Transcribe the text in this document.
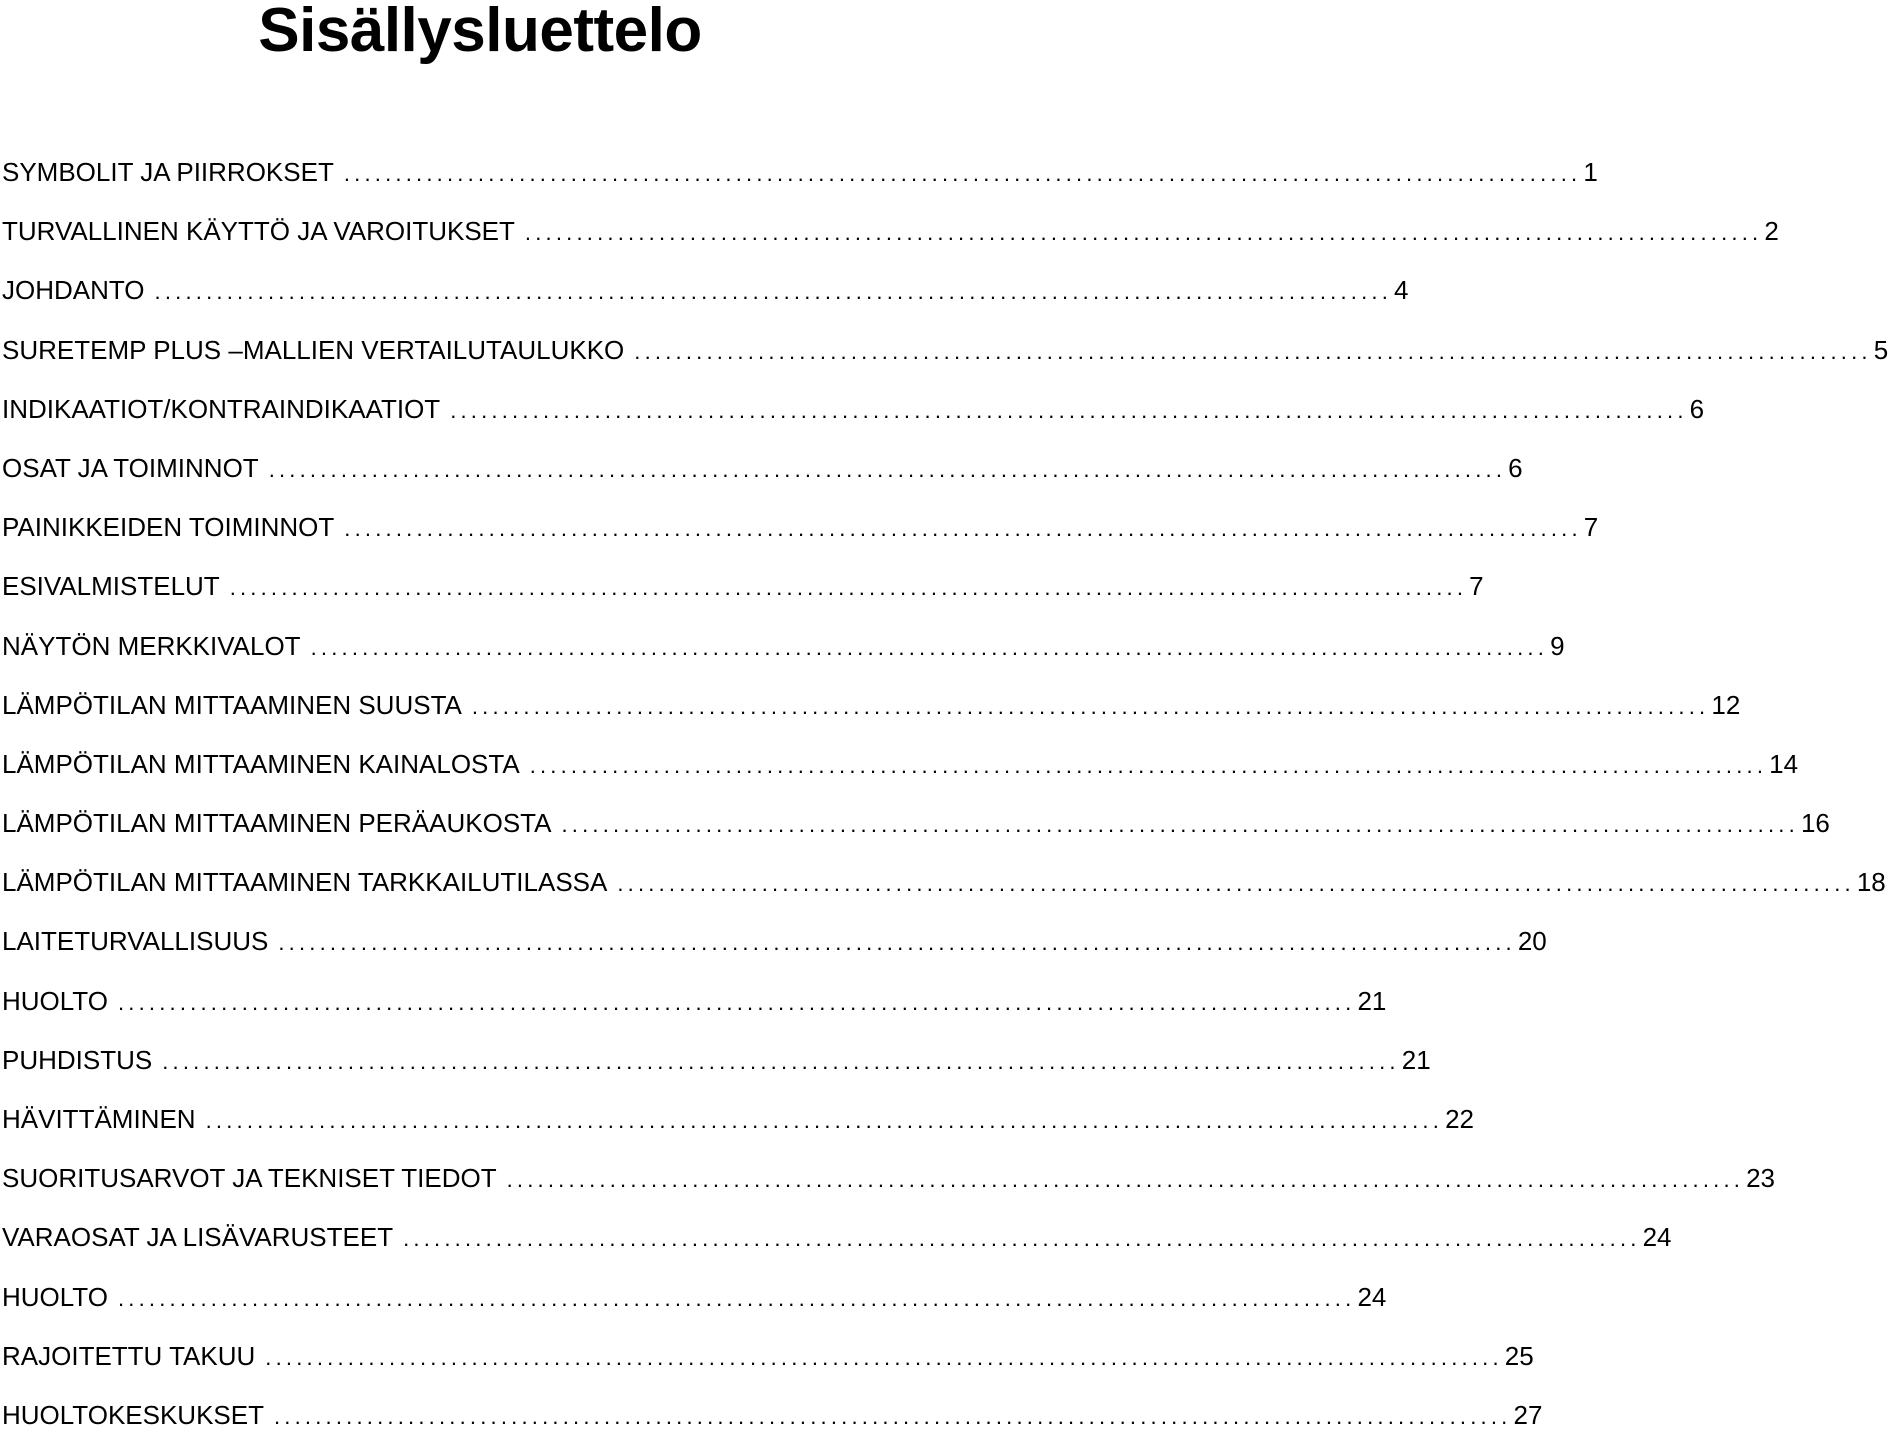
Sisällysluettelo
SYMBOLIT JA PIIRROKSET ........................................................................................................................ 1
TURVALLINEN KÄYTTÖ JA VAROITUKSET ........................................................................................................................ 2
JOHDANTO ........................................................................................................................ 4
SURETEMP PLUS –MALLIEN VERTAILUTAULUKKO ........................................................................................................................ 5
INDIKAATIOT/KONTRAINDIKAATIOT ........................................................................................................................ 6
OSAT JA TOIMINNOT ........................................................................................................................ 6
PAINIKKEIDEN TOIMINNOT ........................................................................................................................ 7
ESIVALMISTELUT ........................................................................................................................ 7
NÄYTÖN MERKKIVALOT ........................................................................................................................ 9
LÄMPÖTILAN MITTAAMINEN SUUSTA ........................................................................................................................ 12
LÄMPÖTILAN MITTAAMINEN KAINALOSTA ........................................................................................................................ 14
LÄMPÖTILAN MITTAAMINEN PERÄAUKOSTA ........................................................................................................................ 16
LÄMPÖTILAN MITTAAMINEN TARKKAILUTILASSA ........................................................................................................................ 18
LAITETURVALLISUUS ........................................................................................................................ 20
HUOLTO ........................................................................................................................ 21
PUHDISTUS ........................................................................................................................ 21
HÄVITTÄMINEN ........................................................................................................................ 22
SUORITUSARVOT JA TEKNISET TIEDOT ........................................................................................................................ 23
VARAOSAT JA LISÄVARUSTEET ........................................................................................................................ 24
HUOLTO ........................................................................................................................ 24
RAJOITETTU TAKUU ........................................................................................................................ 25
HUOLTOKESKUKSET ........................................................................................................................ 27
